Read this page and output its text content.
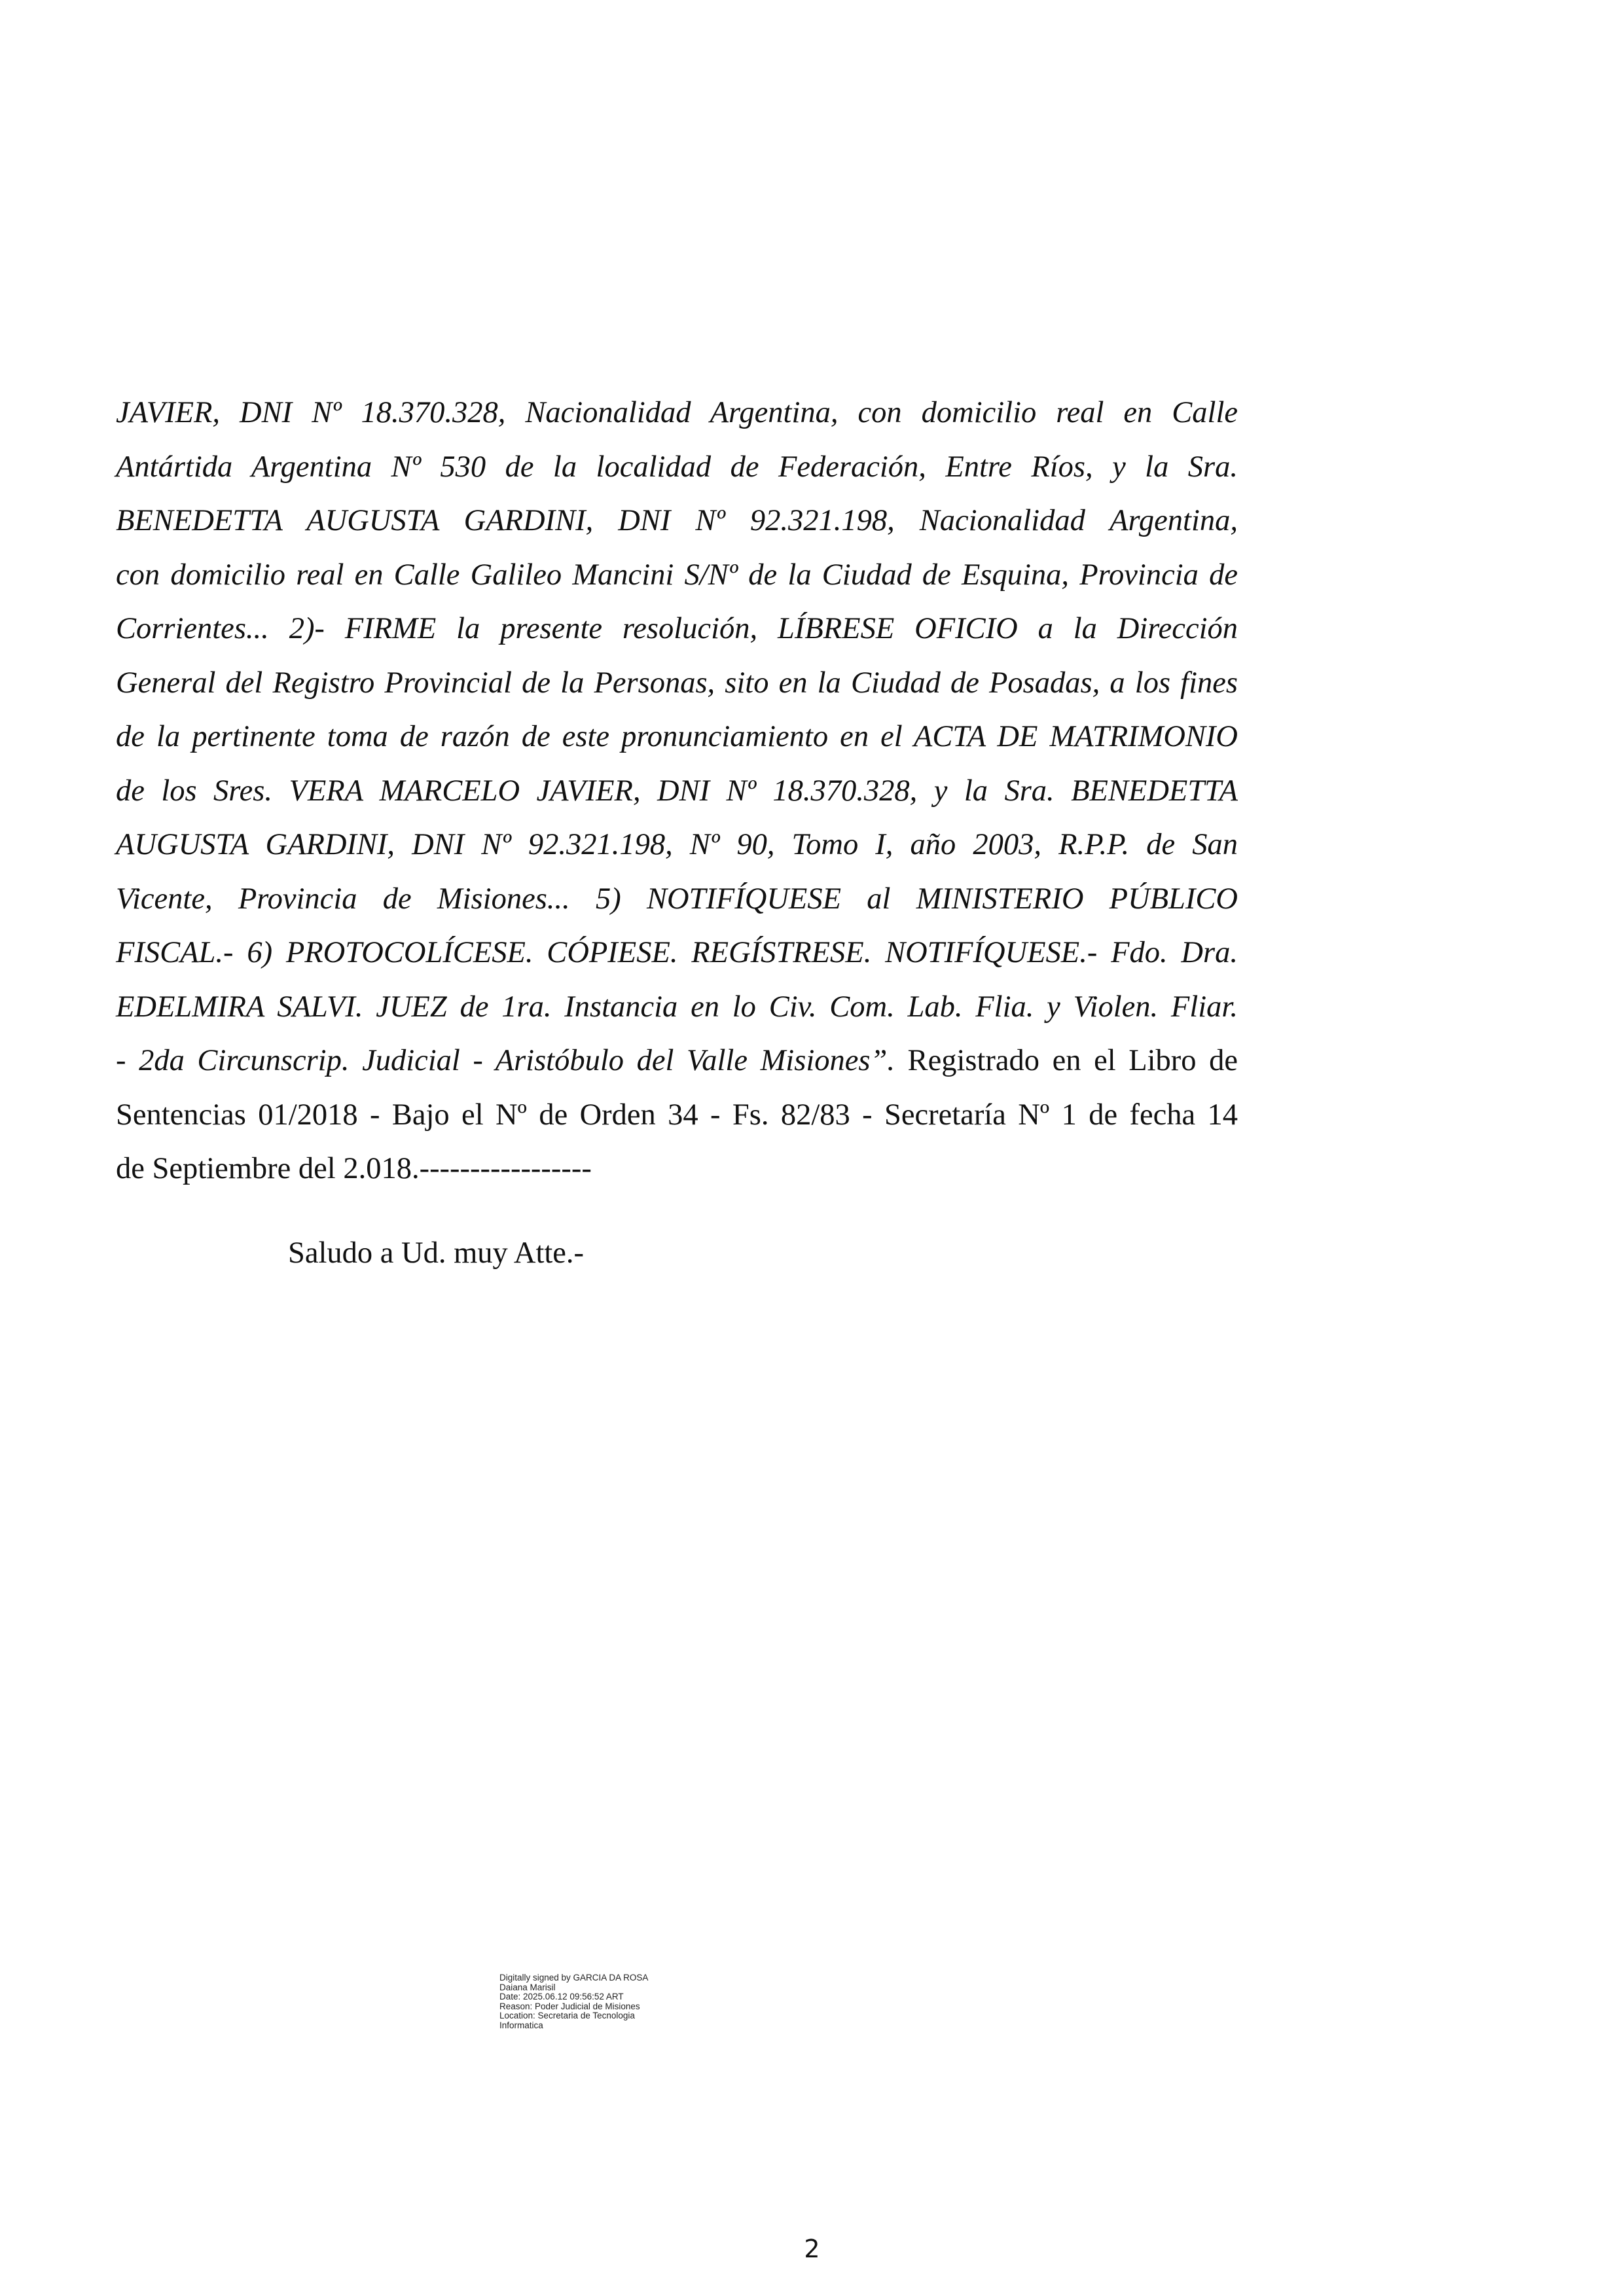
JAVIER, DNI Nº 18.370.328, Nacionalidad Argentina, con domicilio real en Calle
Antártida Argentina Nº 530 de la localidad de Federación, Entre Ríos, y la Sra.
BENEDETTA AUGUSTA GARDINI, DNI Nº 92.321.198, Nacionalidad Argentina,
con domicilio real en Calle Galileo Mancini S/Nº de la Ciudad de Esquina, Provincia de
Corrientes... 2)- FIRME la presente resolución, LÍBRESE OFICIO a la Dirección
General del Registro Provincial de la Personas, sito en la Ciudad de Posadas, a los fines
de la pertinente toma de razón de este pronunciamiento en el ACTA DE MATRIMONIO
de los Sres. VERA MARCELO JAVIER, DNI Nº 18.370.328, y la Sra. BENEDETTA
AUGUSTA GARDINI, DNI Nº 92.321.198, Nº 90, Tomo I, año 2003, R.P.P. de San
Vicente, Provincia de Misiones... 5) NOTIFÍQUESE al MINISTERIO PÚBLICO
FISCAL.- 6) PROTOCOLÍCESE. CÓPIESE. REGÍSTRESE. NOTIFÍQUESE.- Fdo. Dra.
EDELMIRA SALVI. JUEZ de 1ra. Instancia en lo Civ. Com. Lab. Flia. y Violen. Fliar.
- 2da Circunscrip. Judicial - Aristóbulo del Valle Misiones”. Registrado en el Libro de
Sentencias 01/2018 - Bajo el Nº de Orden 34 - Fs. 82/83 - Secretaría Nº 1 de fecha 14
de Septiembre del 2.018.-----------------
Saludo a Ud. muy Atte.-
Digitally signed by GARCIA DA ROSA
Daiana Marisil
Date: 2025.06.12 09:56:52 ART
Reason: Poder Judicial de Misiones
Location: Secretaria de Tecnologia
Informatica
2
